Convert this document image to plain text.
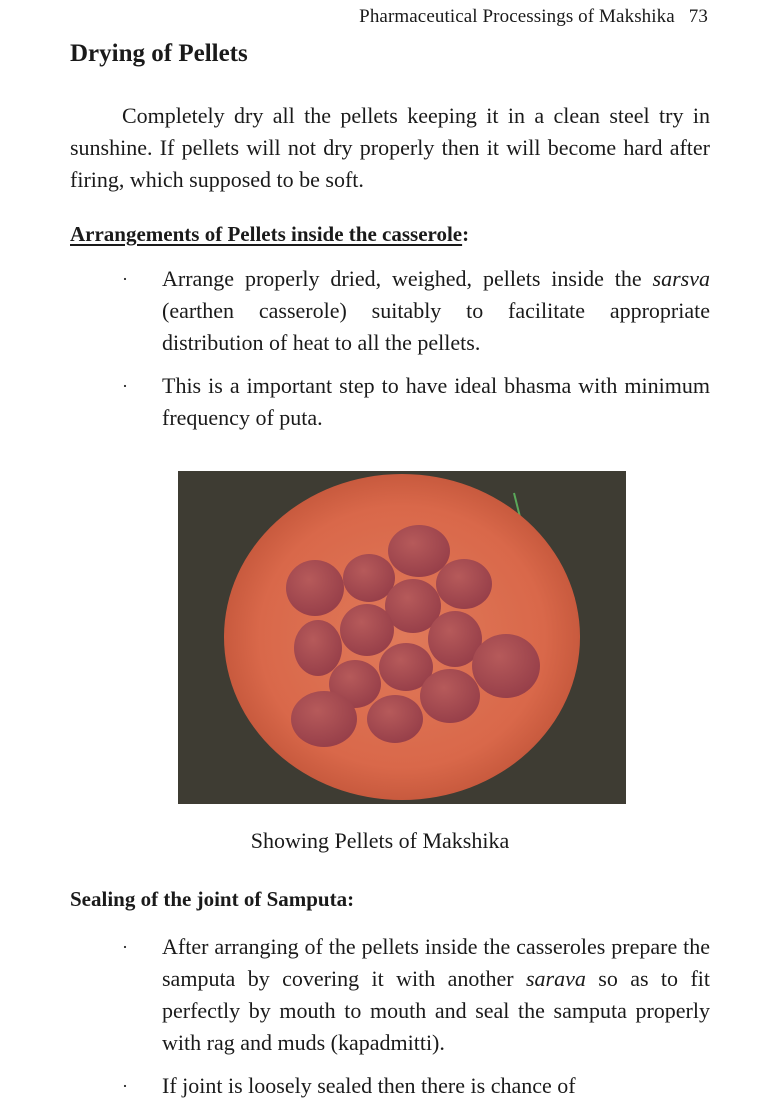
Pharmaceutical Processings of Makshika 73
Drying of Pellets

Completely dry all the pellets keeping it in a clean steel try in sunshine. If pellets will not dry properly then it will become hard after firing, which supposed to be soft.

Arrangements of Pellets inside the casserole:
· Arrange properly dried, weighed, pellets inside the sarsva (earthen casserole) suitably to facilitate appropriate distribution of heat to all the pellets.
· This is a important step to have ideal bhasma with minimum frequency of puta.
Showing Pellets of Makshika
Sealing of the joint of Samputa:
· After arranging of the pellets inside the casseroles prepare the samputa by covering it with another sarava so as to fit perfectly by mouth to mouth and seal the samputa properly with rag and muds (kapadmitti).
· If joint is loosely sealed then there is chance of
